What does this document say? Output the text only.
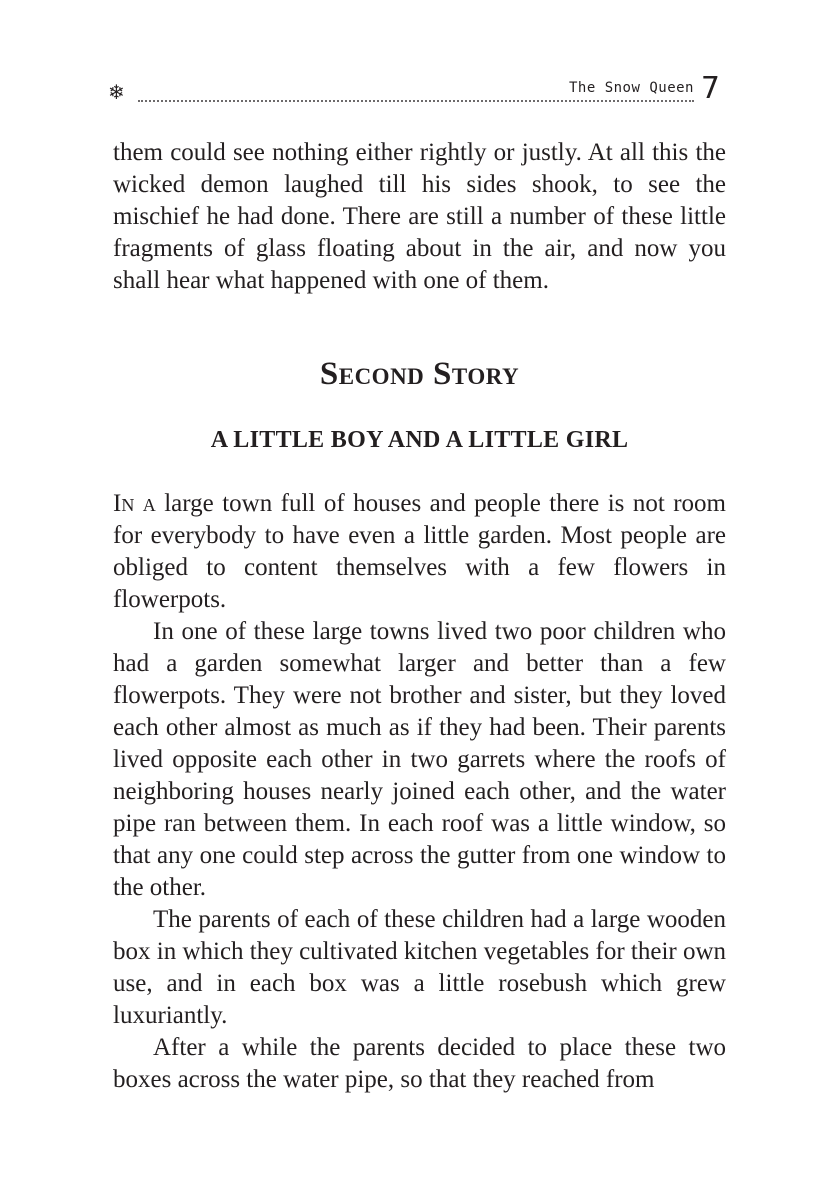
❄	The Snow Queen 7

them could see nothing either rightly or justly. At all this the wicked demon laughed till his sides shook, to see the mischief he had done. There are still a number of these little fragments of glass floating about in the air, and now you shall hear what happened with one of them.

Second Story
A LITTLE BOY AND A LITTLE GIRL

In a large town full of houses and people there is not room for everybody to have even a little garden. Most people are obliged to content themselves with a few flowers in flowerpots.

In one of these large towns lived two poor children who had a garden somewhat larger and better than a few flowerpots. They were not brother and sister, but they loved each other almost as much as if they had been. Their parents lived opposite each other in two garrets where the roofs of neighboring houses nearly joined each other, and the water pipe ran between them. In each roof was a little window, so that any one could step across the gutter from one window to the other.

The parents of each of these children had a large wooden box in which they cultivated kitchen vegetables for their own use, and in each box was a little rosebush which grew luxuriantly.

After a while the parents decided to place these two boxes across the water pipe, so that they reached from
